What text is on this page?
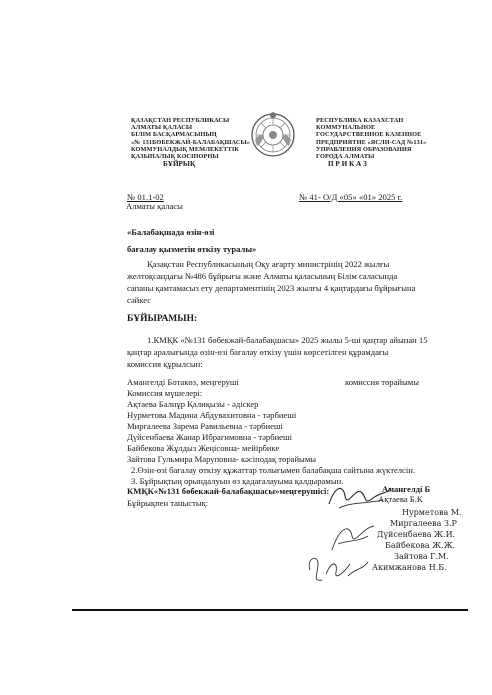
ҚАЗАҚСТАН РЕСПУБЛИКАСЫ
АЛМАТЫ ҚАЛАСЫ
БІЛІМ БАСҚАРМАСЫНЫҢ
«№ 131БӨБЕКЖАЙ-БАЛАБАҚШАСЫ»
КОММУНАЛДЫҚ МЕМЛЕКЕТТІК
ҚАЗЫНАЛЫҚ КӘСІПОРНЫ
РЕСПУБЛИКА КАЗАХСТАН
КОММУНАЛЬНОЕ
ГОСУДАРСТВЕННОЕ КАЗЕННОЕ
ПРЕДПРИЯТИЕ «ЯСЛИ-САД №131»
УПРАВЛЕНИЯ ОБРАЗОВАНИЯ
ГОРОДА АЛМАТЫ
БҰЙРЫҚ	П Р И К А З
№ 01.1-02
Алматы қаласы
№ 41- О/Д «05» «01» 2025 г.
«Балабақшада өзін-өзі
бағалау қызметін өткізу туралы»
Қазақстан Республикасының Оқу ағарту министрінің 2022 жылғы
желтоқсандағы №486 бұйрығы және Алматы қаласының Білім саласында
сапаны қамтамасыз ету департаментінің 2023 жылғы 4 қаңтардағы бұйрығына
сәйкес
БҰЙЫРАМЫН:
1.КМҚК «№131 бөбекжай-балабақшасы» 2025 жылы 5-ші қаңтар айынан 15
қаңтар аралығында өзін-өзі бағалау өткізу үшін көрсетілген құрамдағы
комиссия құрылсын:
Амангелді Ботакөз, меңгеруші	комиссия төрайымы
Комиссия мүшелері:
Ақтаева Балнұр Қалиқызы - әдіскер
Нурметова Мадина Абдувахитовна - тәрбиеші
Миргалеева Зарема Равильевна - тәрбиеші
Дүйсенбаева Жанар Ибрагимовна - тәрбиеші
Байбекова Жұлдыз Жеңісовна- мейірбике
Зайтова Гульмира Маруповна- кәсіподақ төрайымы
2.Өзін-өзі бағалау өткізу құжаттар толығымен балабақша сайтына жүктелсін.
3. Бұйрықтың орындалуын өз қадағалауыма қалдырамын.
КМҚК«№131 бөбекжай-балабақшасы»меңгерушісі:	Амангелді Б
Ақтаева Б.К
Бұйрықпен таныстық:
Нурметова М.
Миргалеева З.Р
Дүйсенбаева Ж.И.
Байбекова Ж.Ж.
Зайтова Г.М.
Акимжанова Н.Б.
